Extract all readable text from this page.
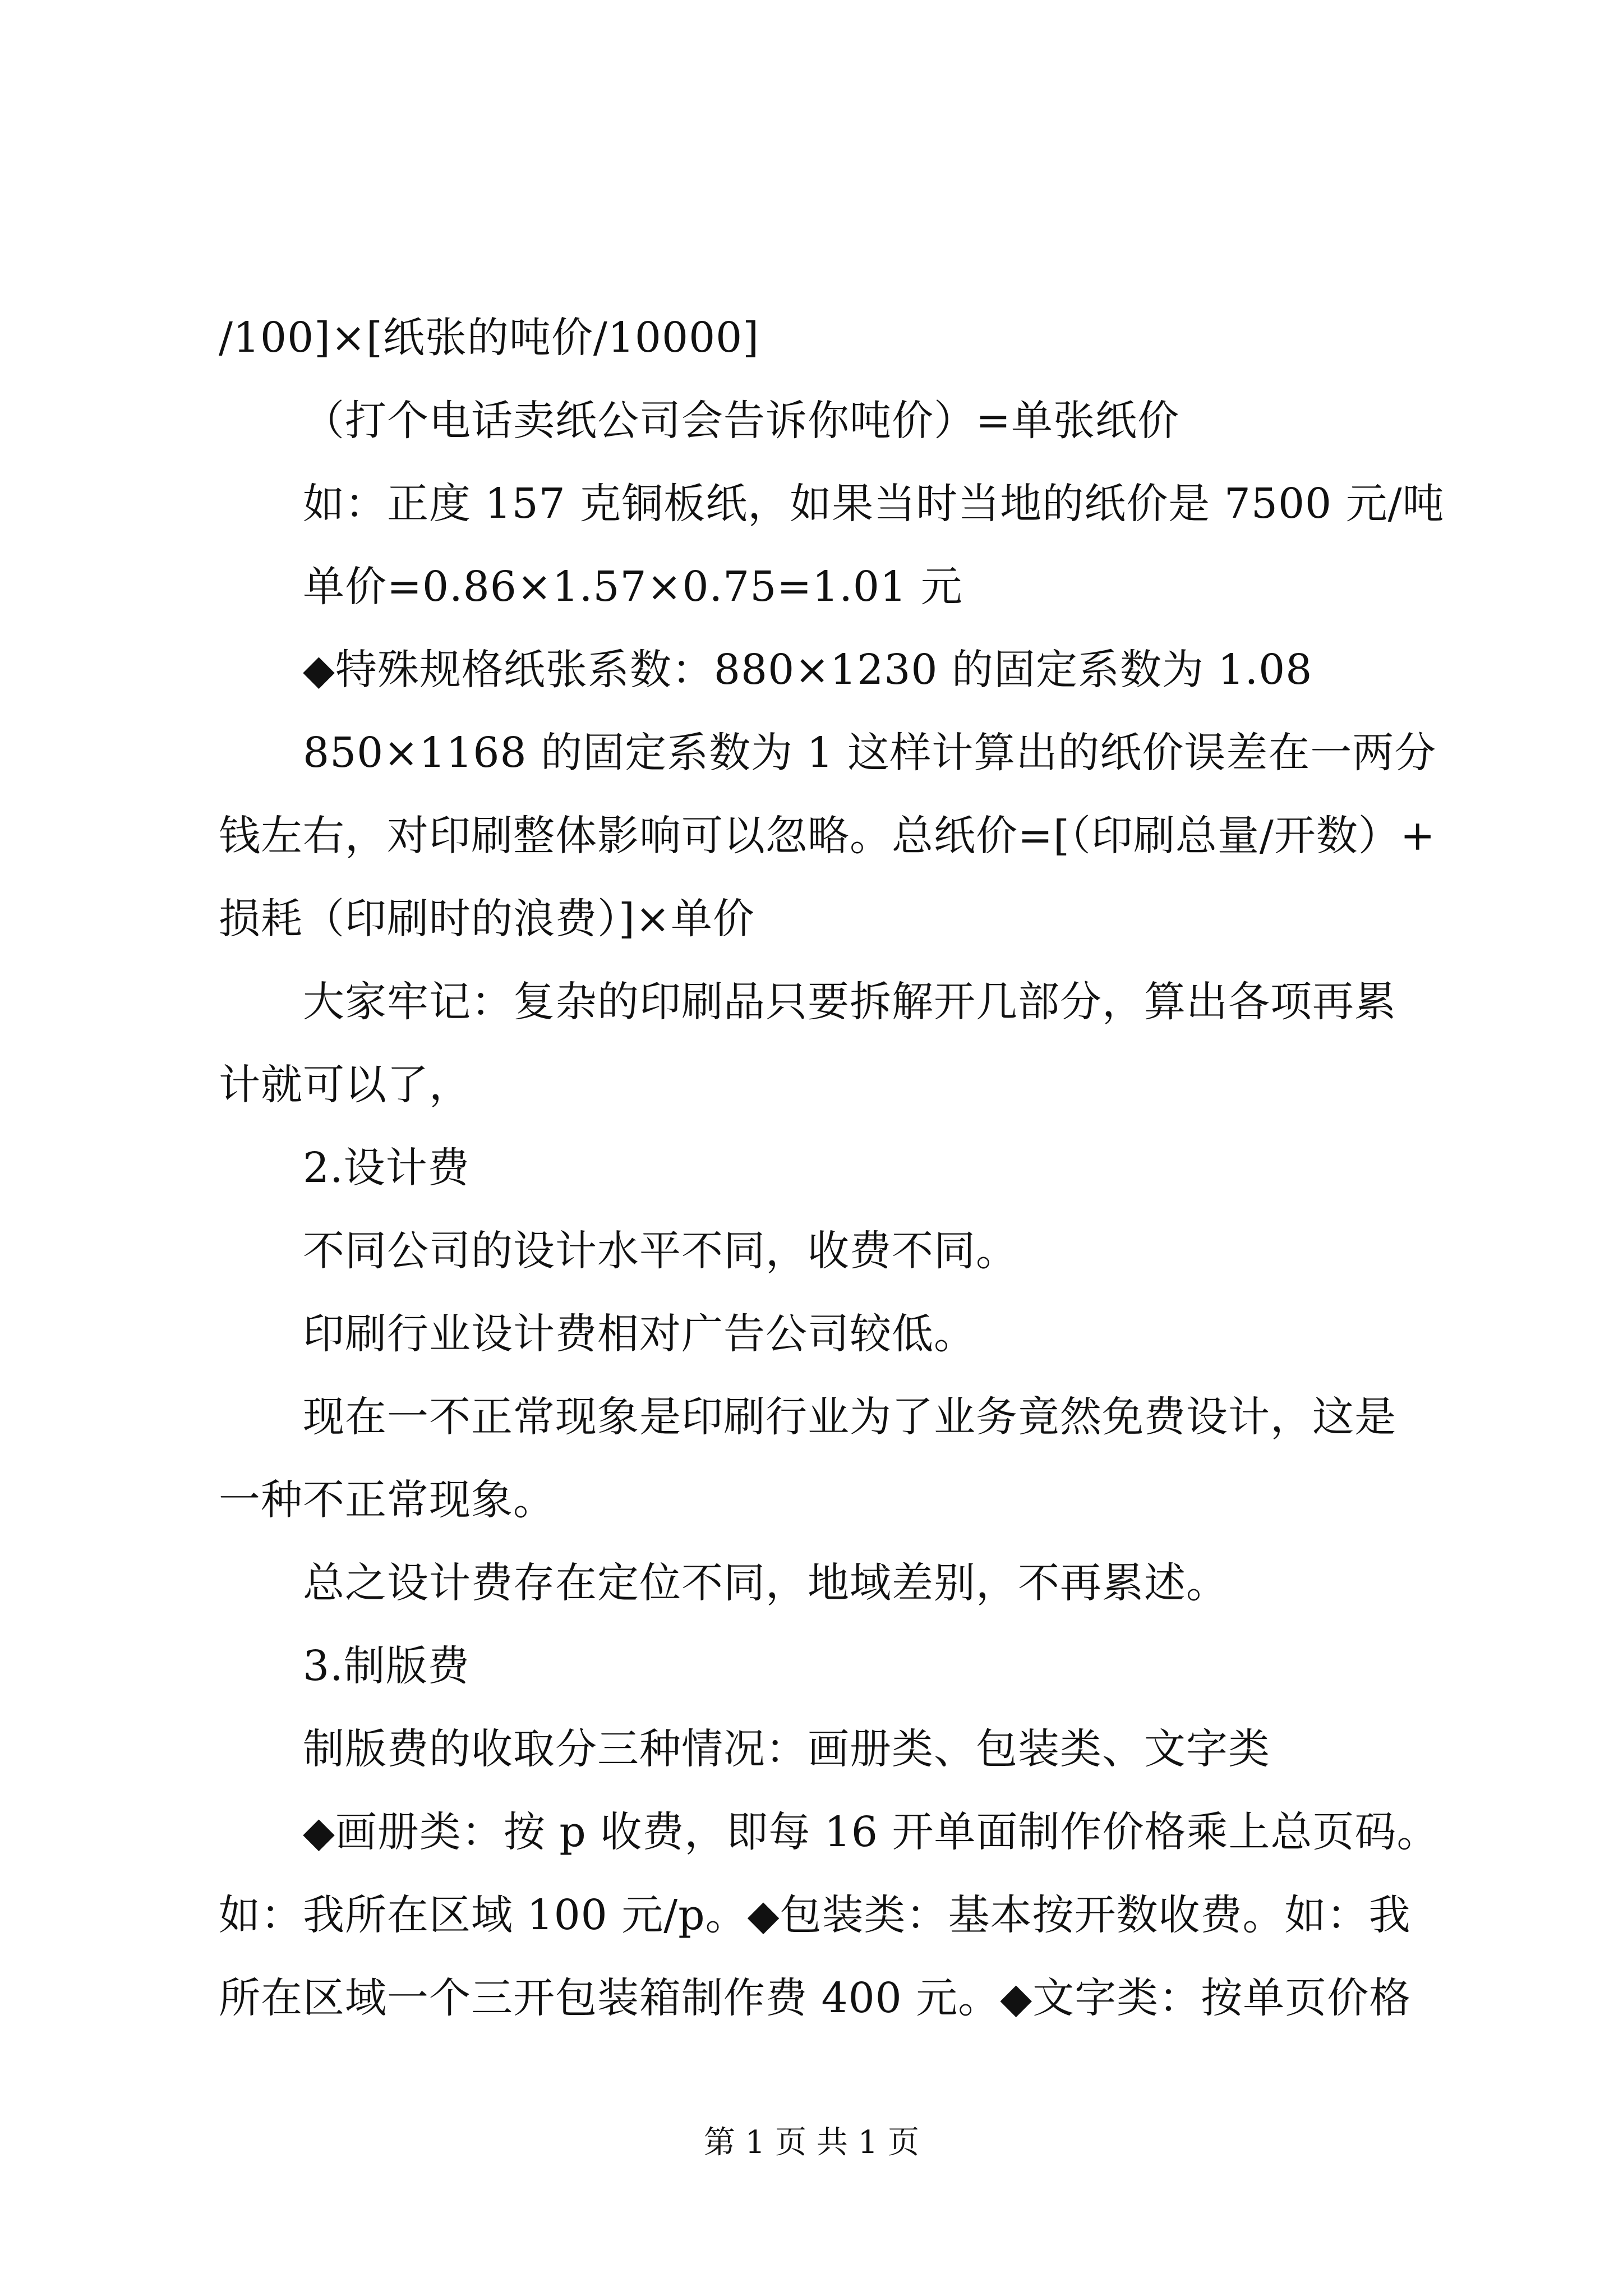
/100]×[纸张的吨价/10000]
（打个电话卖纸公司会告诉你吨价）=单张纸价
如：正度 157 克铜板纸，如果当时当地的纸价是 7500 元/吨
单价=0.86×1.57×0.75=1.01 元
◆特殊规格纸张系数：880×1230 的固定系数为 1.08
850×1168 的固定系数为 1 这样计算出的纸价误差在一两分
钱左右，对印刷整体影响可以忽略。总纸价=[（印刷总量/开数）+
损耗（印刷时的浪费）]×单价
大家牢记：复杂的印刷品只要拆解开几部分，算出各项再累
计就可以了，
2.设计费
不同公司的设计水平不同，收费不同。
印刷行业设计费相对广告公司较低。
现在一不正常现象是印刷行业为了业务竟然免费设计，这是
一种不正常现象。
总之设计费存在定位不同，地域差别，不再累述。
3.制版费
制版费的收取分三种情况：画册类、包装类、文字类
◆画册类：按 p 收费，即每 16 开单面制作价格乘上总页码。
如：我所在区域 100 元/p。◆包装类：基本按开数收费。如：我
所在区域一个三开包装箱制作费 400 元。◆文字类：按单页价格
第 1 页 共 1 页
